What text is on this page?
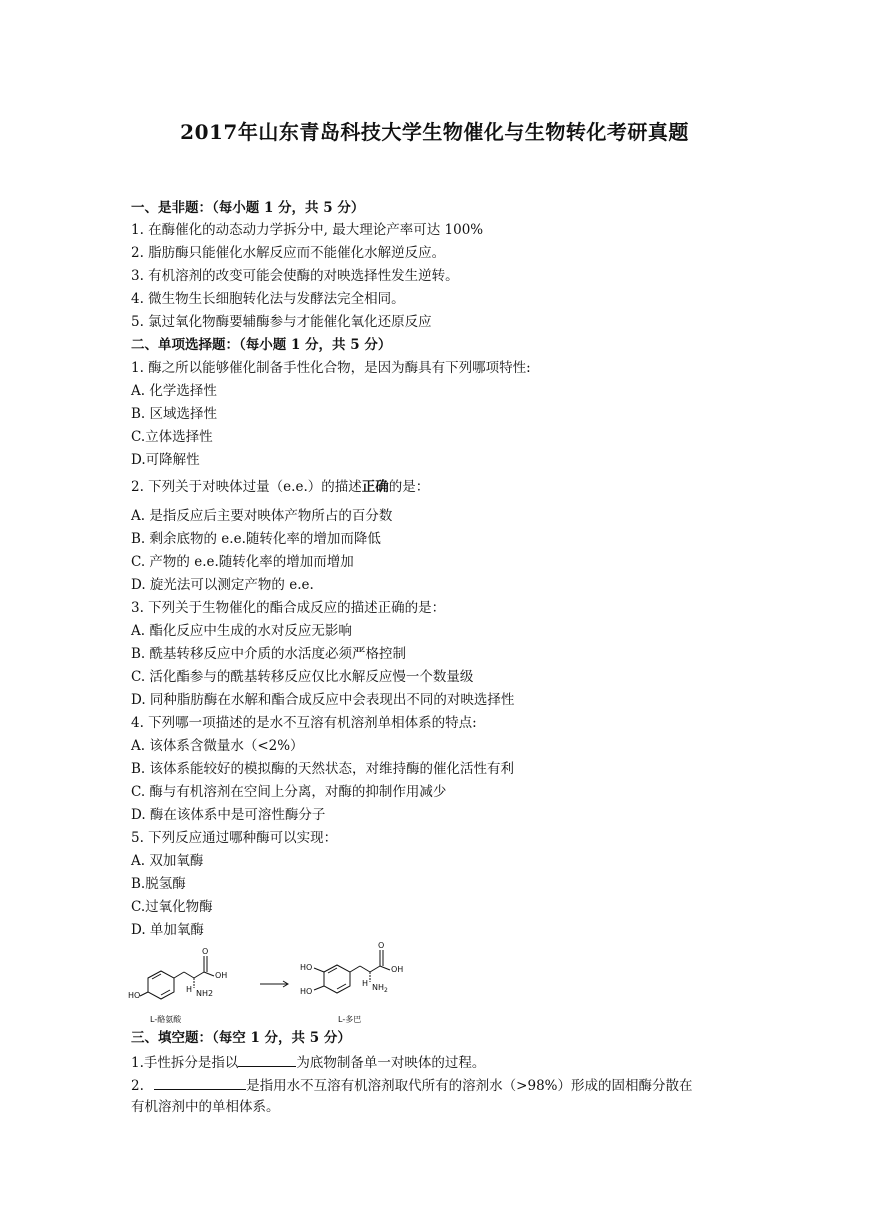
2017年山东青岛科技大学生物催化与生物转化考研真题
一、是非题：（每小题 1 分，共 5 分）
1. 在酶催化的动态动力学拆分中, 最大理论产率可达 100%
2. 脂肪酶只能催化水解反应而不能催化水解逆反应。
3. 有机溶剂的改变可能会使酶的对映选择性发生逆转。
4. 微生物生长细胞转化法与发酵法完全相同。
5. 氯过氧化物酶要辅酶参与才能催化氧化还原反应
二、单项选择题：（每小题 1 分，共 5 分）
1. 酶之所以能够催化制备手性化合物，是因为酶具有下列哪项特性:
A. 化学选择性
B. 区域选择性
C.立体选择性
D.可降解性
2. 下列关于对映体过量（e.e.）的描述正确的是：
A. 是指反应后主要对映体产物所占的百分数
B. 剩余底物的 e.e.随转化率的增加而降低
C. 产物的 e.e.随转化率的增加而增加
D. 旋光法可以测定产物的 e.e.
3. 下列关于生物催化的酯合成反应的描述正确的是：
A. 酯化反应中生成的水对反应无影响
B. 酰基转移反应中介质的水活度必须严格控制
C. 活化酯参与的酰基转移反应仅比水解反应慢一个数量级
D. 同种脂肪酶在水解和酯合成反应中会表现出不同的对映选择性
4. 下列哪一项描述的是水不互溶有机溶剂单相体系的特点:
A. 该体系含微量水（<2%）
B. 该体系能较好的模拟酶的天然状态，对维持酶的催化活性有利
C. 酶与有机溶剂在空间上分离，对酶的抑制作用减少
D. 酶在该体系中是可溶性酶分子
5. 下列反应通过哪种酶可以实现：
A. 双加氧酶
B.脱氢酶
C.过氧化物酶
D. 单加氧酶
HO
O
OH
H NH2
HO
HO
O
OH
H $NH_2$
L-酪氨酸	L-多巴
三、填空题：（每空 1 分，共 5 分）
1.手性拆分是指以	为底物制备单一对映体的过程。
2.	是指用水不互溶有机溶剂取代所有的溶剂水（>98%）形成的固相酶分散在
有机溶剂中的单相体系。
